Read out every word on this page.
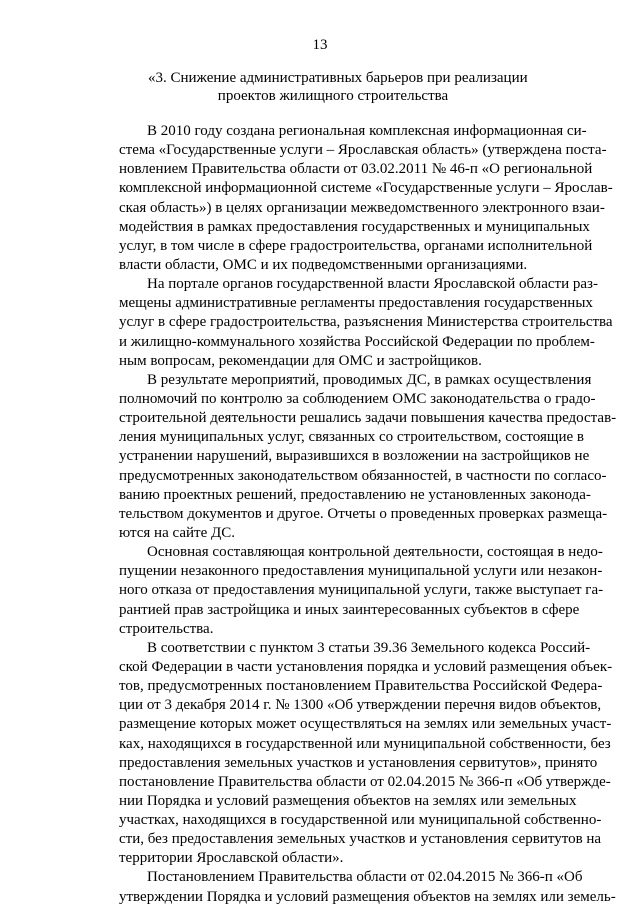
13
«3. Снижение административных барьеров при реализации
проектов жилищного строительства
В 2010 году создана региональная комплексная информационная си-
стема «Государственные услуги – Ярославская область» (утверждена поста-
новлением Правительства области от 03.02.2011 № 46-п «О региональной
комплексной информационной системе «Государственные услуги – Ярослав-
ская область») в целях организации межведомственного электронного взаи-
модействия в рамках предоставления государственных и муниципальных
услуг, в том числе в сфере градостроительства, органами исполнительной
власти области, ОМС и их подведомственными организациями.
На портале органов государственной власти Ярославской области раз-
мещены административные регламенты предоставления государственных
услуг в сфере градостроительства, разъяснения Министерства строительства
и жилищно-коммунального хозяйства Российской Федерации по проблем-
ным вопросам, рекомендации для ОМС и застройщиков.
В результате мероприятий, проводимых ДС, в рамках осуществления
полномочий по контролю за соблюдением ОМС законодательства о градо-
строительной деятельности решались задачи повышения качества предостав-
ления муниципальных услуг, связанных со строительством, состоящие в
устранении нарушений, выразившихся в возложении на застройщиков не
предусмотренных законодательством обязанностей, в частности по согласо-
ванию проектных решений, предоставлению не установленных законода-
тельством документов и другое. Отчеты о проведенных проверках размеща-
ются на сайте ДС.
Основная составляющая контрольной деятельности, состоящая в недо-
пущении незаконного предоставления муниципальной услуги или незакон-
ного отказа от предоставления муниципальной услуги, также выступает га-
рантией прав застройщика и иных заинтересованных субъектов в сфере
строительства.
В соответствии с пунктом 3 статьи 39.36 Земельного кодекса Россий-
ской Федерации в части установления порядка и условий размещения объек-
тов, предусмотренных постановлением Правительства Российской Федера-
ции от 3 декабря 2014 г. № 1300 «Об утверждении перечня видов объектов,
размещение которых может осуществляться на землях или земельных участ-
ках, находящихся в государственной или муниципальной собственности, без
предоставления земельных участков и установления сервитутов», принято
постановление Правительства области от 02.04.2015 № 366-п «Об утвержде-
нии Порядка и условий размещения объектов на землях или земельных
участках, находящихся в государственной или муниципальной собственно-
сти, без предоставления земельных участков и установления сервитутов на
территории Ярославской области».
Постановлением Правительства области от 02.04.2015 № 366-п «Об
утверждении Порядка и условий размещения объектов на землях или земель-
